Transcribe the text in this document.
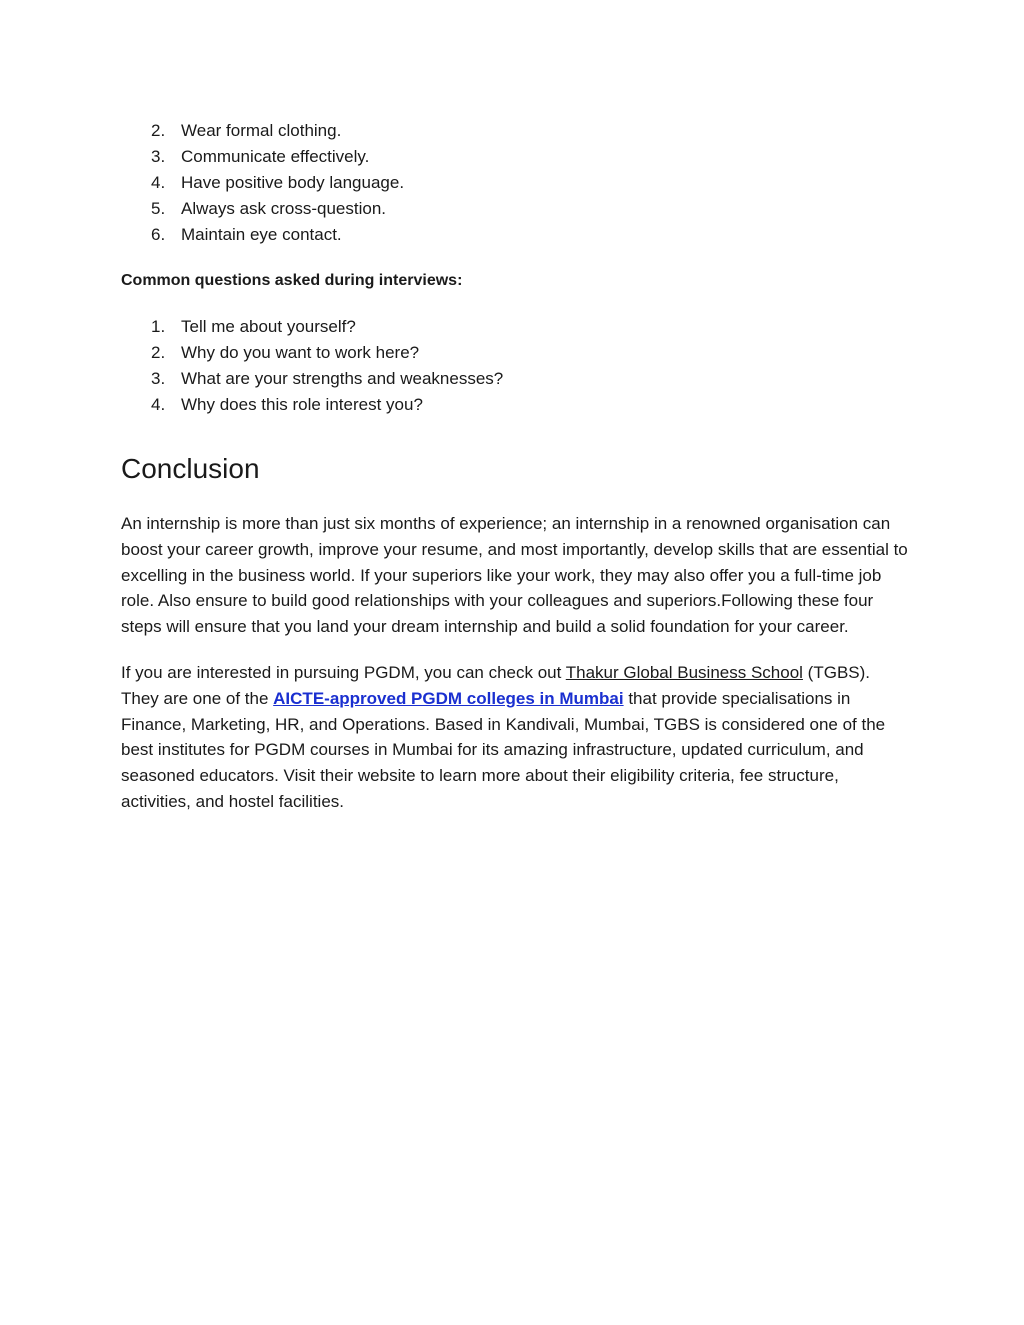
2. Wear formal clothing.
3. Communicate effectively.
4. Have positive body language.
5. Always ask cross-question.
6. Maintain eye contact.
Common questions asked during interviews:
1. Tell me about yourself?
2. Why do you want to work here?
3. What are your strengths and weaknesses?
4. Why does this role interest you?
Conclusion

An internship is more than just six months of experience; an internship in a renowned organisation can boost your career growth, improve your resume, and most importantly, develop skills that are essential to excelling in the business world. If your superiors like your work, they may also offer you a full-time job role. Also ensure to build good relationships with your colleagues and superiors.Following these four steps will ensure that you land your dream internship and build a solid foundation for your career.

If you are interested in pursuing PGDM, you can check out Thakur Global Business School (TGBS). They are one of the AICTE-approved PGDM colleges in Mumbai that provide specialisations in Finance, Marketing, HR, and Operations. Based in Kandivali, Mumbai, TGBS is considered one of the best institutes for PGDM courses in Mumbai for its amazing infrastructure, updated curriculum, and seasoned educators. Visit their website to learn more about their eligibility criteria, fee structure, activities, and hostel facilities.
